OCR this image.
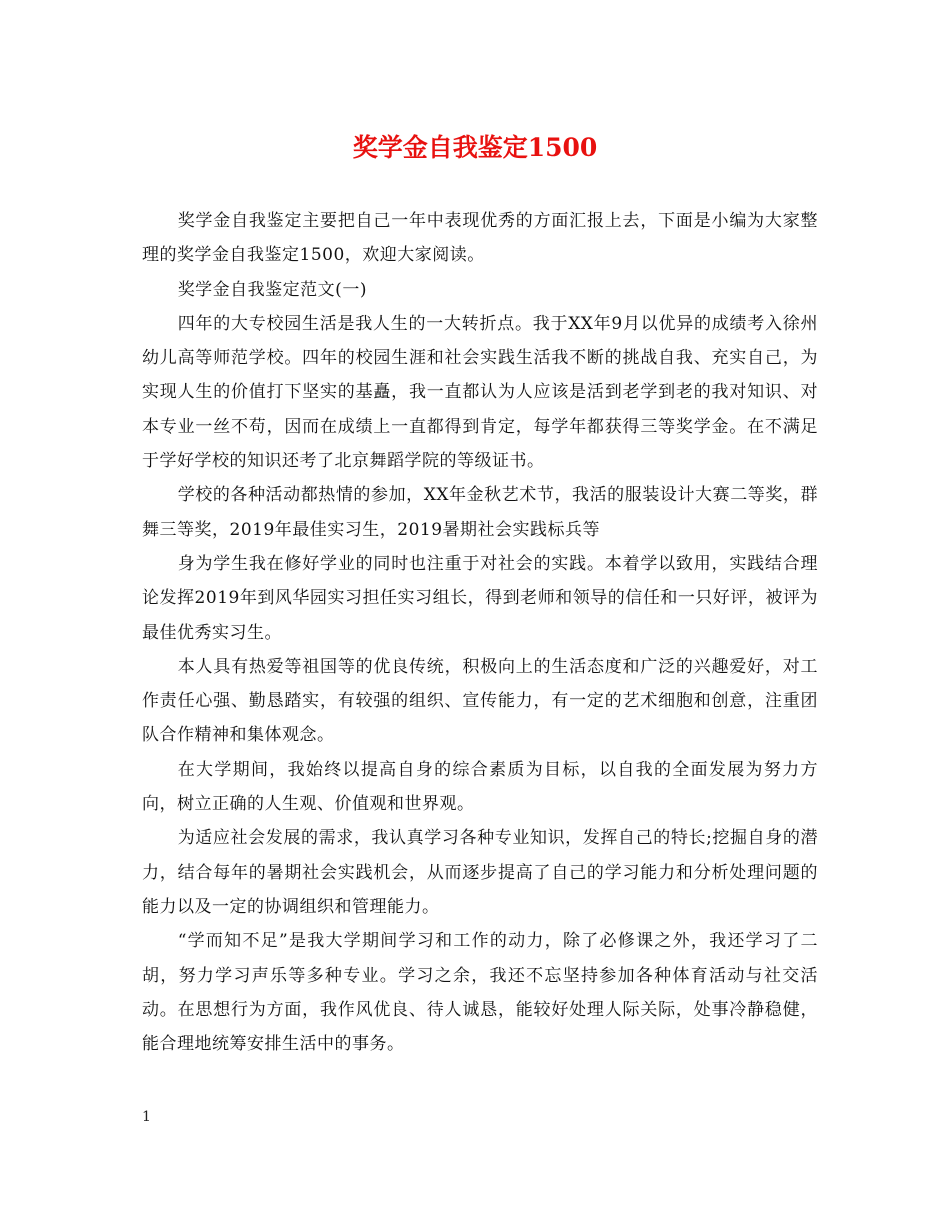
奖学金自我鉴定1500

奖学金自我鉴定主要把自己一年中表现优秀的方面汇报上去，下面是小编为大家整理的奖学金自我鉴定1500，欢迎大家阅读。

奖学金自我鉴定范文(一)

四年的大专校园生活是我人生的一大转折点。我于XX年9月以优异的成绩考入徐州幼儿高等师范学校。四年的校园生涯和社会实践生活我不断的挑战自我、充实自己，为实现人生的价值打下坚实的基矗，我一直都认为人应该是活到老学到老的我对知识、对本专业一丝不苟，因而在成绩上一直都得到肯定，每学年都获得三等奖学金。在不满足于学好学校的知识还考了北京舞蹈学院的等级证书。

学校的各种活动都热情的参加，XX年金秋艺术节，我活的服装设计大赛二等奖，群舞三等奖，2019年最佳实习生，2019暑期社会实践标兵等

身为学生我在修好学业的同时也注重于对社会的实践。本着学以致用，实践结合理论发挥2019年到风华园实习担任实习组长，得到老师和领导的信任和一只好评，被评为最佳优秀实习生。

本人具有热爱等祖国等的优良传统，积极向上的生活态度和广泛的兴趣爱好，对工作责任心强、勤恳踏实，有较强的组织、宣传能力，有一定的艺术细胞和创意，注重团队合作精神和集体观念。

在大学期间，我始终以提高自身的综合素质为目标，以自我的全面发展为努力方向，树立正确的人生观、价值观和世界观。

为适应社会发展的需求，我认真学习各种专业知识，发挥自己的特长;挖掘自身的潜力，结合每年的暑期社会实践机会，从而逐步提高了自己的学习能力和分析处理问题的能力以及一定的协调组织和管理能力。

“学而知不足”是我大学期间学习和工作的动力，除了必修课之外，我还学习了二胡，努力学习声乐等多种专业。学习之余，我还不忘坚持参加各种体育活动与社交活动。在思想行为方面，我作风优良、待人诚恳，能较好处理人际关际，处事冷静稳健，能合理地统筹安排生活中的事务。

1
